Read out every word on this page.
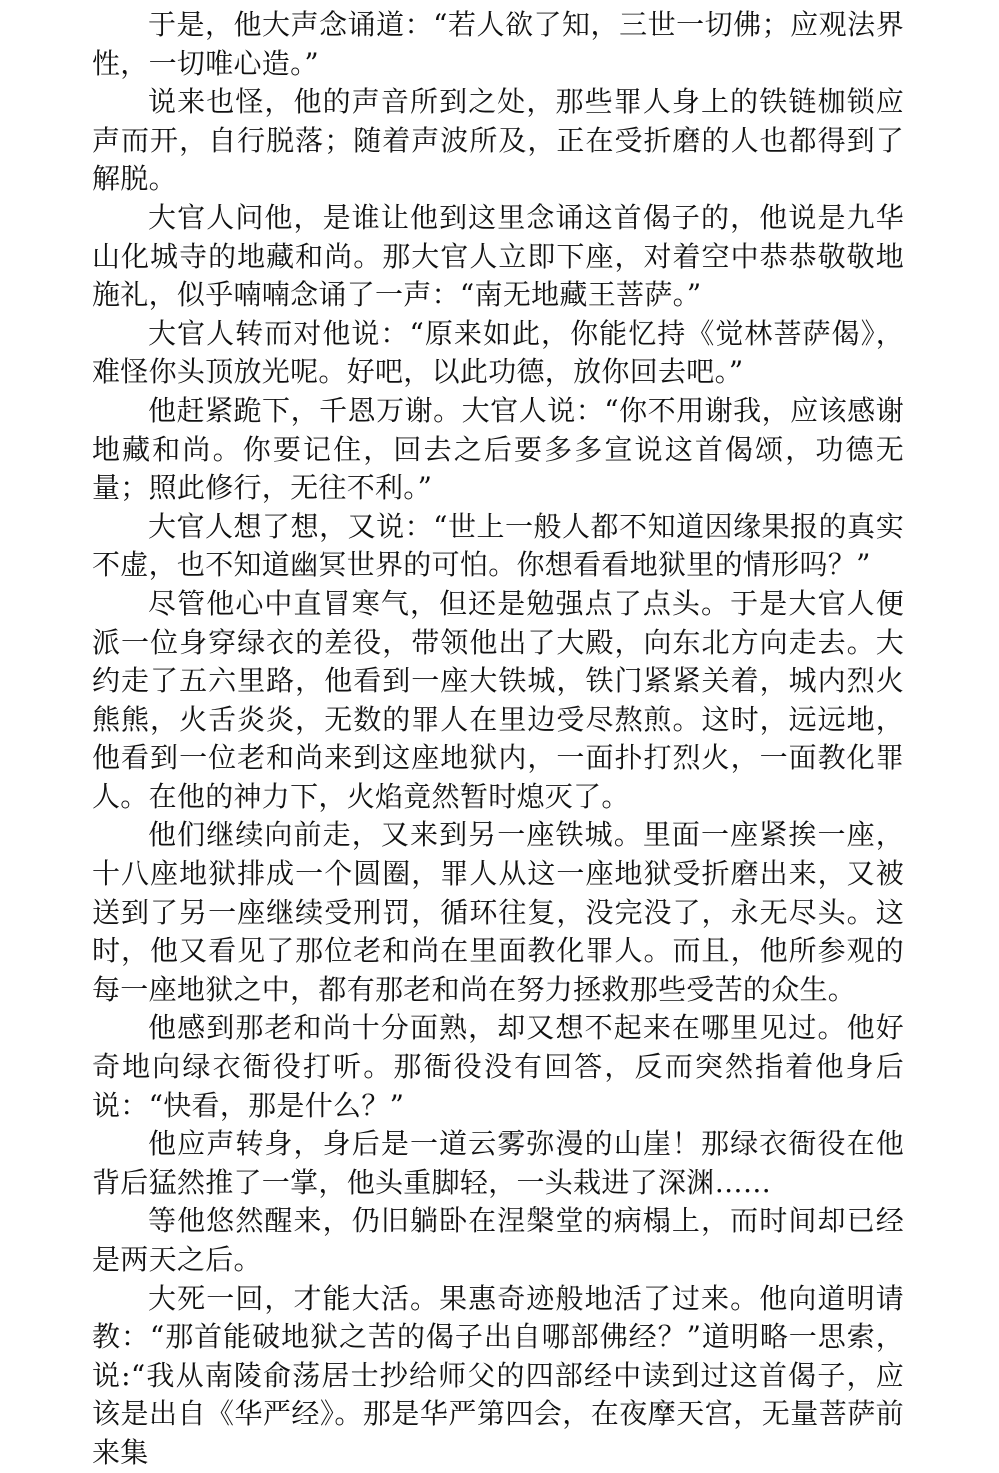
于是，他大声念诵道：“若人欲了知，三世一切佛；应观法界性，一切唯心造。”

说来也怪，他的声音所到之处，那些罪人身上的铁链枷锁应声而开，自行脱落；随着声波所及，正在受折磨的人也都得到了解脱。

大官人问他，是谁让他到这里念诵这首偈子的，他说是九华山化城寺的地藏和尚。那大官人立即下座，对着空中恭恭敬敬地施礼，似乎喃喃念诵了一声：“南无地藏王菩萨。”

大官人转而对他说：“原来如此，你能忆持《觉林菩萨偈》，难怪你头顶放光呢。好吧，以此功德，放你回去吧。”

他赶紧跪下，千恩万谢。大官人说：“你不用谢我，应该感谢地藏和尚。你要记住，回去之后要多多宣说这首偈颂，功德无量；照此修行，无往不利。”

大官人想了想，又说：“世上一般人都不知道因缘果报的真实不虚，也不知道幽冥世界的可怕。你想看看地狱里的情形吗？”

尽管他心中直冒寒气，但还是勉强点了点头。于是大官人便派一位身穿绿衣的差役，带领他出了大殿，向东北方向走去。大约走了五六里路，他看到一座大铁城，铁门紧紧关着，城内烈火熊熊，火舌炎炎，无数的罪人在里边受尽熬煎。这时，远远地，他看到一位老和尚来到这座地狱内，一面扑打烈火，一面教化罪人。在他的神力下，火焰竟然暂时熄灭了。

他们继续向前走，又来到另一座铁城。里面一座紧挨一座，十八座地狱排成一个圆圈，罪人从这一座地狱受折磨出来，又被送到了另一座继续受刑罚，循环往复，没完没了，永无尽头。这时，他又看见了那位老和尚在里面教化罪人。而且，他所参观的每一座地狱之中，都有那老和尚在努力拯救那些受苦的众生。

他感到那老和尚十分面熟，却又想不起来在哪里见过。他好奇地向绿衣衙役打听。那衙役没有回答，反而突然指着他身后说：“快看，那是什么？”

他应声转身，身后是一道云雾弥漫的山崖！那绿衣衙役在他背后猛然推了一掌，他头重脚轻，一头栽进了深渊……

等他悠然醒来，仍旧躺卧在涅槃堂的病榻上，而时间却已经是两天之后。

大死一回，才能大活。果惠奇迹般地活了过来。他向道明请教：“那首能破地狱之苦的偈子出自哪部佛经？”道明略一思索，说:“我从南陵俞荡居士抄给师父的四部经中读到过这首偈子，应该是出自《华严经》。那是华严第四会，在夜摩天宫，无量菩萨前来集
